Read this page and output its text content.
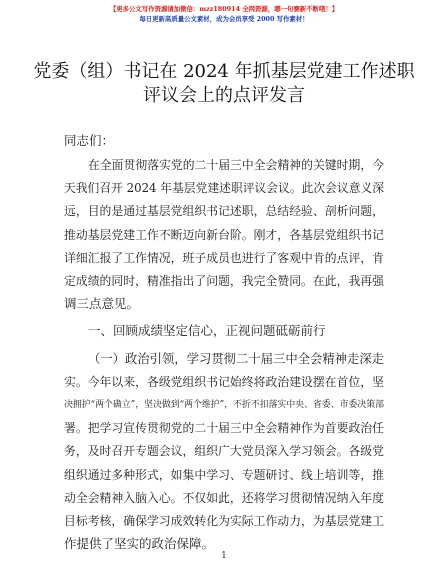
【更多公文写作资源请加微信：mzz180914 全网资源，哪一句赛新不断哦！】
每日更新高质量公文素材，成为会员享受 2000 写作素材！
党委（组）书记在 2024 年抓基层党建工作述职
评议会上的点评发言
同志们：
在全面贯彻落实党的二十届三中全会精神的关键时期，今
天我们召开 2024 年基层党建述职评议会议。此次会议意义深
远，目的是通过基层党组织书记述职，总结经验、剖析问题，
推动基层党建工作不断迈向新台阶。刚才，各基层党组织书记
详细汇报了工作情况，班子成员也进行了客观中肯的点评，肯
定成绩的同时，精准指出了问题，我完全赞同。在此，我再强
调三点意见。
一、回顾成绩坚定信心，正视问题砥砺前行
（一）政治引领，学习贯彻二十届三中全会精神走深走
实。今年以来，各级党组织书记始终将政治建设摆在首位，坚
决拥护“两个确立”，坚决做到“两个维护”，不折不扣落实中央、省委、市委决策部
署。把学习宣传贯彻党的二十届三中全会精神作为首要政治任
务，及时召开专题会议，组织广大党员深入学习领会。各级党
组织通过多种形式，如集中学习、专题研讨、线上培训等，推
动全会精神入脑入心。不仅如此，还将学习贯彻情况纳入年度
目标考核，确保学习成效转化为实际工作动力，为基层党建工
作提供了坚实的政治保障。
1
